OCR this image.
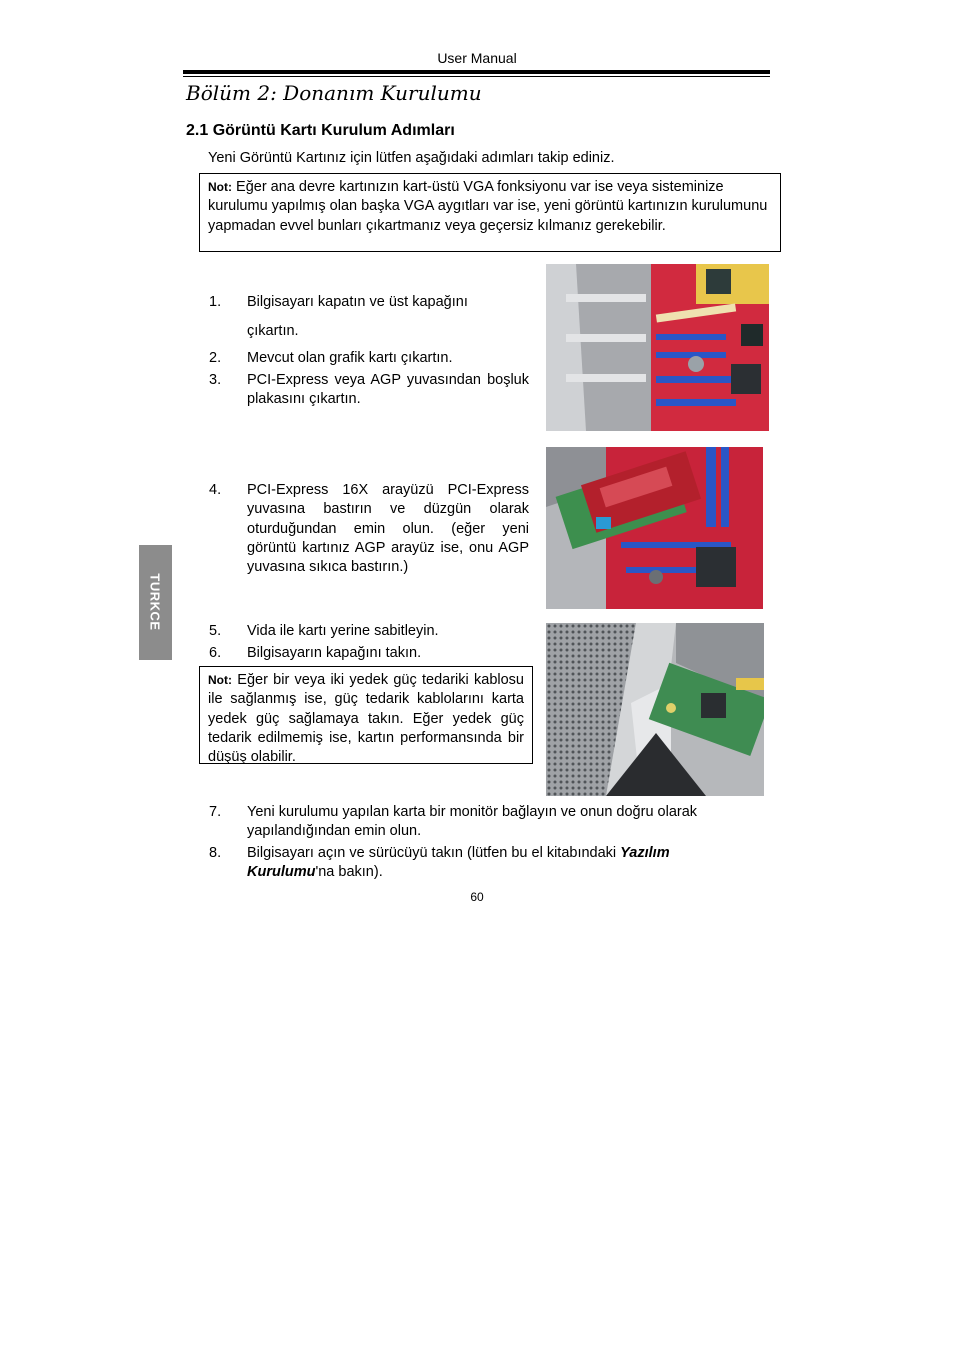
User Manual
Bölüm 2: Donanım Kurulumu
2.1 Görüntü Kartı Kurulum Adımları
Yeni Görüntü Kartınız için lütfen aşağıdaki adımları takip ediniz.
Not: Eğer ana devre kartınızın kart-üstü VGA fonksiyonu var ise veya sisteminize kurulumu yapılmış olan başka VGA aygıtları var ise, yeni görüntü kartınızın kurulumunu yapmadan evvel bunları çıkartmanız veya geçersiz kılmanız gerekebilir.
1.	Bilgisayarı kapatın ve üst kapağını
çıkartın.
2.	Mevcut olan grafik kartı çıkartın.
3.	PCI-Express veya AGP yuvasından boşluk plakasını çıkartın.
4.	PCI-Express 16X arayüzü PCI-Express yuvasına bastırın ve düzgün olarak oturduğundan emin olun. (eğer yeni görüntü kartınız AGP arayüz ise, onu AGP yuvasına sıkıca bastırın.)
5.	Vida ile kartı yerine sabitleyin.
6.	Bilgisayarın kapağını takın.
Not: Eğer bir veya iki yedek güç tedariki kablosu ile sağlanmış ise, güç tedarik kablolarını karta yedek güç sağlamaya takın. Eğer yedek güç tedarik edilmemiş ise, kartın performansında bir düşüş olabilir.
7.	Yeni kurulumu yapılan karta bir monitör bağlayın ve onun doğru olarak yapılandığından emin olun.
8.	Bilgisayarı açın ve sürücüyü takın (lütfen bu el kitabındaki Yazılım Kurulumu'na bakın).
TURKCE
60
